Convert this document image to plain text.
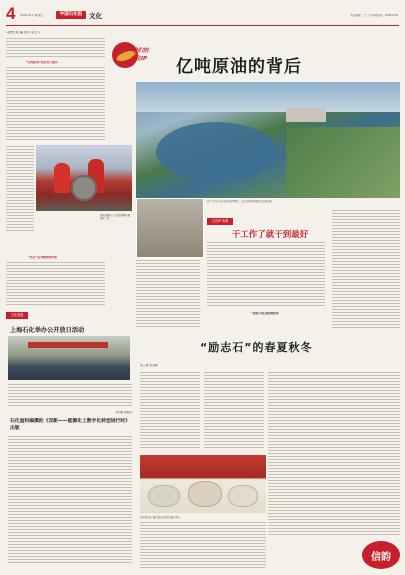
4 2024.6.7 星期五	中国石化报	文化	责任编辑：王一舟 新闻热线：59963705
马依然 陈 磊 吴兵 李云飞
“亿吨原油”的历史与现实
“背后”是对精神的传承
胜利油田员工在采油现场开展巡检工作。
我们的
文化IP 亿吨原油的背后
昔日“干打垒”如今成为油田博物馆，远处是胜利油田现代化油田景象。
文化IP 故事
干工作了就干到最好
一张照片背后的拼搏故事
文化视窗
上海石化举办公开放日活动
李进勇 孙春丹
石化盈科编撰的《双新——能源化工数字化转型进行时》出版
“励志石”的春夏秋冬
金三角 吴宏展
石化盈科员工展示励志石及相关展示作品
信韵
